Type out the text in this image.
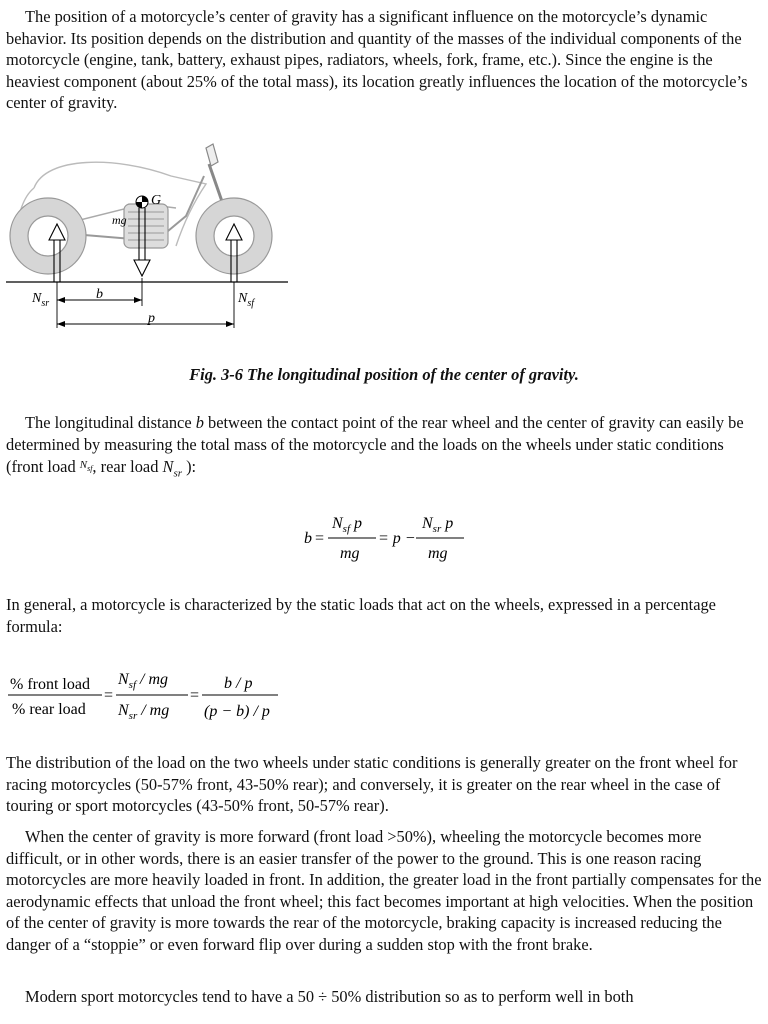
The position of a motorcycle’s center of gravity has a significant influence on the motorcycle’s dynamic behavior. Its position depends on the distribution and quantity of the masses of the individual components of the motorcycle (engine, tank, battery, exhaust pipes, radiators, wheels, fork, frame, etc.). Since the engine is the heaviest component (about 25% of the total mass), its location greatly influences the location of the motorcycle’s center of gravity.

G
mg
$N_{sr}$	$N_{sf}$
b
p
Fig. 3-6 The longitudinal position of the center of gravity.

The longitudinal distance b between the contact point of the rear wheel and the center of gravity can easily be determined by measuring the total mass of the motorcycle and the loads on the wheels under static conditions (front load $^{N_{sf}}$, rear load $N_{sr}$ ):

b =
$N_{sf}$ p
mg
= p −
$N_{sr}$ p
mg

In general, a motorcycle is characterized by the static loads that act on the wheels, expressed in a percentage formula:

% front load
% rear load
=
$N_{sf}$ / mg
$N_{sr}$ / mg
=
b / p
(p − b) / p

The distribution of the load on the two wheels under static conditions is generally greater on the front wheel for racing motorcycles (50-57% front, 43-50% rear); and conversely, it is greater on the rear wheel in the case of touring or sport motorcycles (43-50% front, 50-57% rear).

When the center of gravity is more forward (front load >50%), wheeling the motorcycle becomes more difficult, or in other words, there is an easier transfer of the power to the ground. This is one reason racing motorcycles are more heavily loaded in front. In addition, the greater load in the front partially compensates for the aerodynamic effects that unload the front wheel; this fact becomes important at high velocities. When the position of the center of gravity is more towards the rear of the motorcycle, braking capacity is increased reducing the danger of a “stoppie” or even forward flip over during a sudden stop with the front brake.

Modern sport motorcycles tend to have a 50 ÷ 50% distribution so as to perform well in both
